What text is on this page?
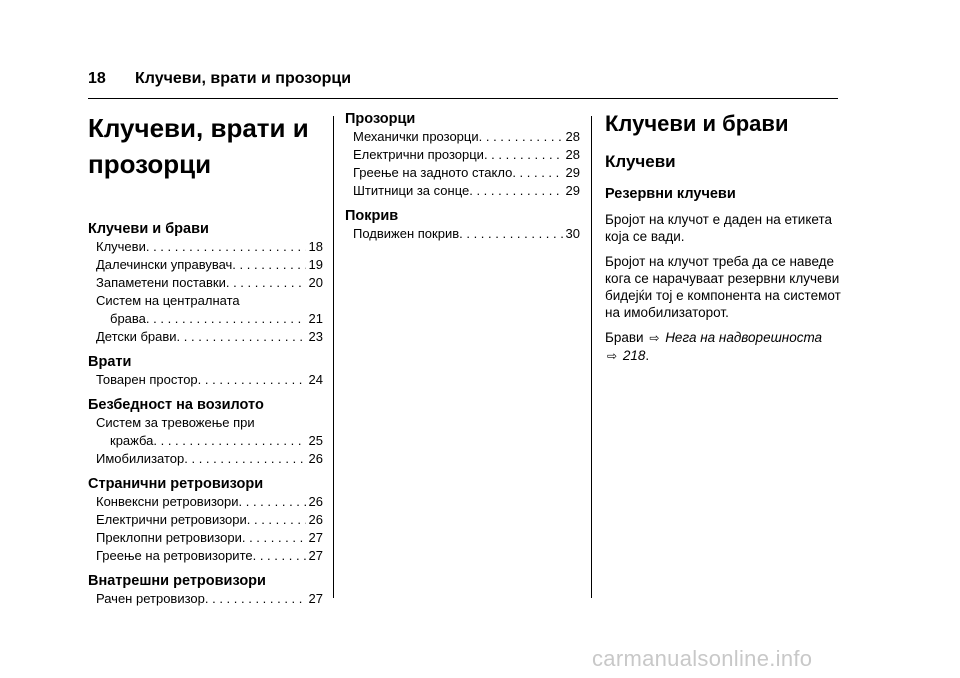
18 Клучеви, врати и прозорци
Клучеви, врати и
прозорци
Клучеви и брави
Клучеви . . .	18
Далечински управувач . . .	19
Запаметени поставки . . .	20
Систем на централната
брава . . .	21
Детски брави . . .	23
Врати
Товарен простор . . .	24
Безбедност на возилото
Систем за тревожење при
кражба . . .	25
Имобилизатор . . .	26
Странични ретровизори
Конвексни ретровизори . . .	26
Електрични ретровизори . . .	26
Преклопни ретровизори . . .	27
Греење на ретровизорите . . .	27
Внатрешни ретровизори
Рачен ретровизор . . .	27
Прозорци
Механички прозорци . . .	28
Електрични прозорци . . .	28
Греење на задното стакло . . .	29
Штитници за сонце . . .	29
Покрив
Подвижен покрив . . .	30
Клучеви и брави
Клучеви
Резервни клучеви

Бројот на клучот е даден на етикета која се вади.

Бројот на клучот треба да се наведе кога се нарачуваат резервни клучеви бидејќи тој е компонента на системот на имобилизаторот.

Брави ⇨ Нега на надворешноста
⇨ 218.

carmanualsonline.info
